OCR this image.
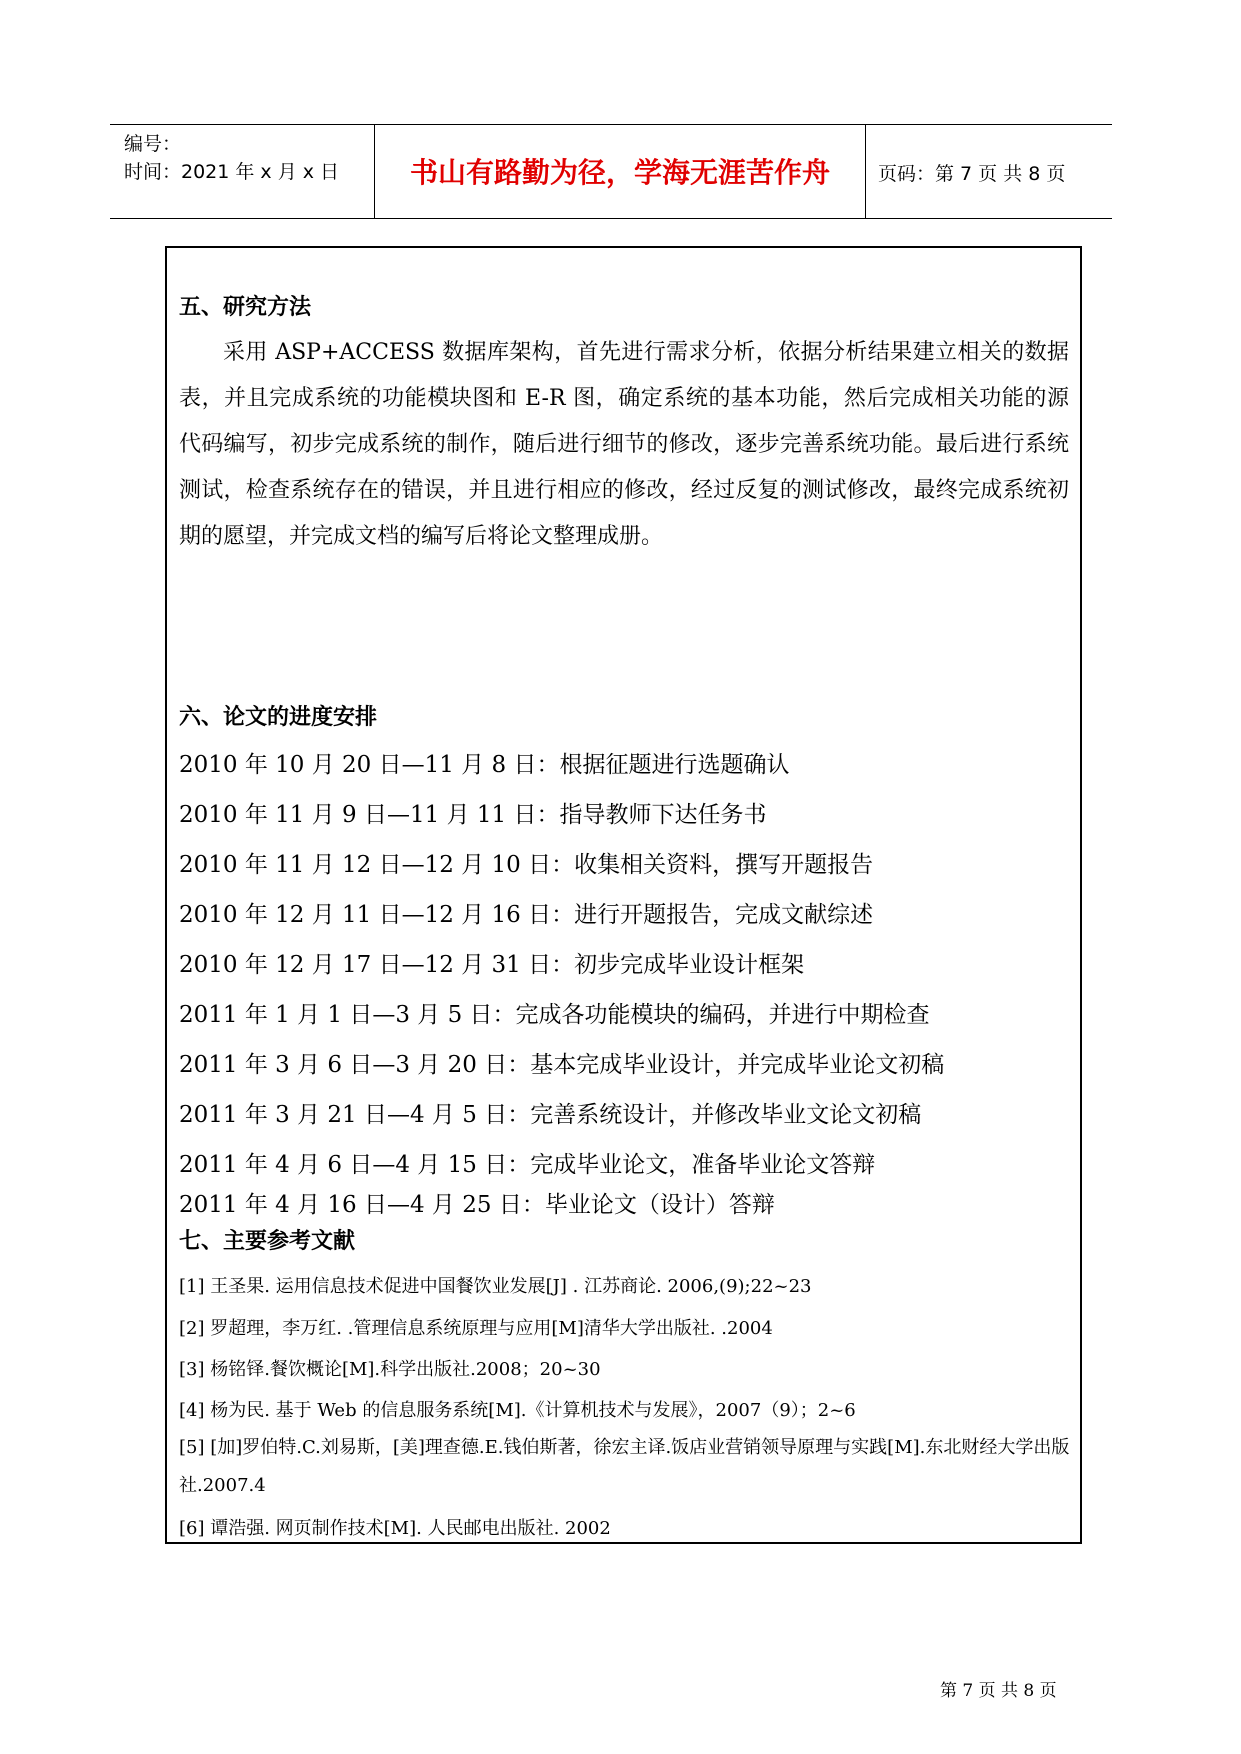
编号：
时间：2021 年 x 月 x 日	书山有路勤为径，学海无涯苦作舟	页码：第 7 页 共 8 页
五、研究方法
采用 ASP+ACCESS 数据库架构，首先进行需求分析，依据分析结果建立相关的数据表，并且完成系统的功能模块图和 E-R 图，确定系统的基本功能，然后完成相关功能的源代码编写，初步完成系统的制作，随后进行细节的修改，逐步完善系统功能。最后进行系统测试，检查系统存在的错误，并且进行相应的修改，经过反复的测试修改，最终完成系统初期的愿望，并完成文档的编写后将论文整理成册。
六、论文的进度安排
2010 年 10 月 20 日—11 月 8 日：根据征题进行选题确认
2010 年 11 月 9 日—11 月 11 日：指导教师下达任务书
2010 年 11 月 12 日—12 月 10 日：收集相关资料，撰写开题报告
2010 年 12 月 11 日—12 月 16 日：进行开题报告，完成文献综述
2010 年 12 月 17 日—12 月 31 日：初步完成毕业设计框架
2011 年 1 月 1 日—3 月 5 日：完成各功能模块的编码，并进行中期检查
2011 年 3 月 6 日—3 月 20 日：基本完成毕业设计，并完成毕业论文初稿
2011 年 3 月 21 日—4 月 5 日：完善系统设计，并修改毕业文论文初稿
2011 年 4 月 6 日—4 月 15 日：完成毕业论文，准备毕业论文答辩
2011 年 4 月 16 日—4 月 25 日：毕业论文（设计）答辩
七、主要参考文献
[1] 王圣果. 运用信息技术促进中国餐饮业发展[J] . 江苏商论. 2006,(9);22~23
[2] 罗超理，李万红. .管理信息系统原理与应用[M]清华大学出版社. .2004
[3] 杨铭铎.餐饮概论[M].科学出版社.2008；20~30
[4] 杨为民. 基于 Web 的信息服务系统[M].《计算机技术与发展》，2007（9）；2~6
[5] [加]罗伯特.C.刘易斯，[美]理查德.E.钱伯斯著，徐宏主译.饭店业营销领导原理与实践[M].东北财经大学出版社.2007.4
[6] 谭浩强. 网页制作技术[M]. 人民邮电出版社. 2002
第 7 页 共 8 页
